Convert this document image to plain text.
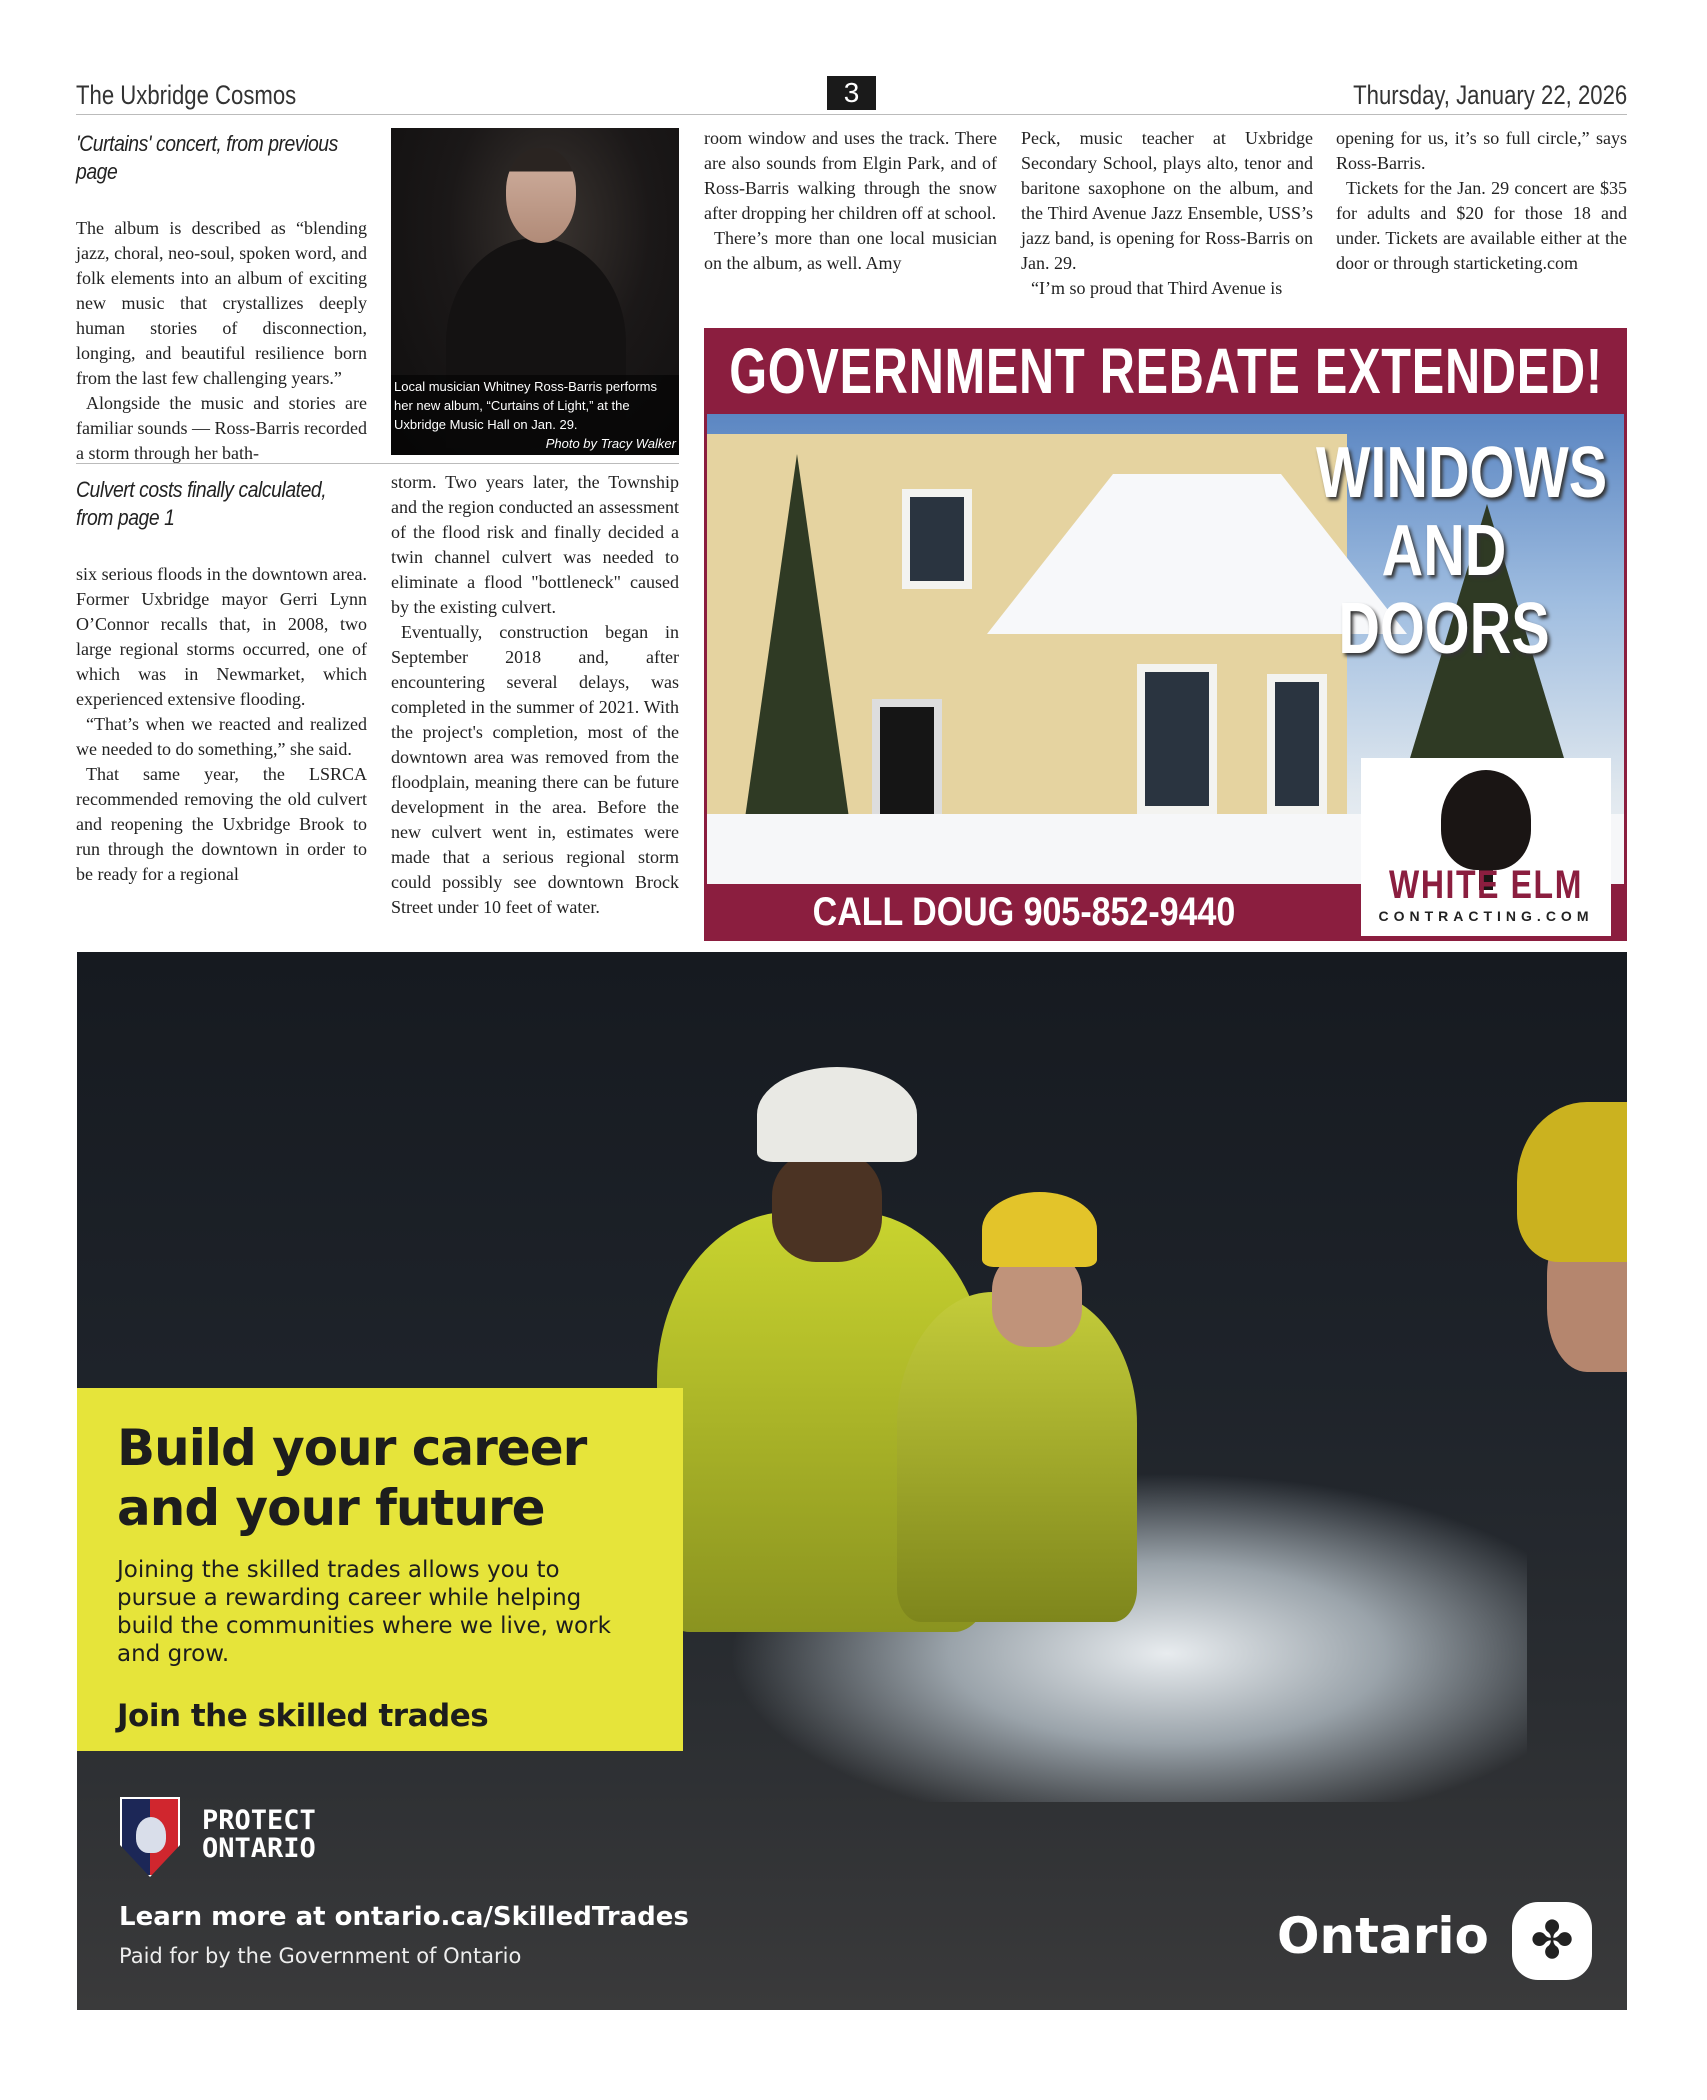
The Uxbridge Cosmos	3	Thursday, January 22, 2026
'Curtains' concert, from previous page

The album is described as “blending jazz, choral, neo-soul, spoken word, and folk elements into an album of exciting new music that crystallizes deeply human stories of disconnection, longing, and beautiful resilience born from the last few challenging years.”

Alongside the music and stories are familiar sounds — Ross-Barris recorded a storm through her bath-

Local musician Whitney Ross-Barris performs her new album, “Curtains of Light,” at the Uxbridge Music Hall on Jan. 29.
Photo by Tracy Walker

room window and uses the track. There are also sounds from Elgin Park, and of Ross-Barris walking through the snow after dropping her children off at school.

There’s more than one local musician on the album, as well. Amy

Peck, music teacher at Uxbridge Secondary School, plays alto, tenor and baritone saxophone on the album, and the Third Avenue Jazz Ensemble, USS’s jazz band, is opening for Ross-Barris on Jan. 29.

“I’m so proud that Third Avenue is

opening for us, it’s so full circle,” says Ross-Barris.

Tickets for the Jan. 29 concert are $35 for adults and $20 for those 18 and under. Tickets are available either at the door or through starticketing.com

Culvert costs finally calculated, from page 1

six serious floods in the downtown area. Former Uxbridge mayor Gerri Lynn O’Connor recalls that, in 2008, two large regional storms occurred, one of which was in Newmarket, which experienced extensive flooding.

“That’s when we reacted and realized we needed to do something,” she said.

That same year, the LSRCA recommended removing the old culvert and reopening the Uxbridge Brook to run through the downtown in order to be ready for a regional

storm. Two years later, the Township and the region conducted an assessment of the flood risk and finally decided a twin channel culvert was needed to eliminate a flood "bottleneck" caused by the existing culvert.

Eventually, construction began in September 2018 and, after encountering several delays, was completed in the summer of 2021. With the project's completion, most of the downtown area was removed from the floodplain, meaning there can be future development in the area. Before the new culvert went in, estimates were made that a serious regional storm could possibly see downtown Brock Street under 10 feet of water.

WINDOWS
AND
DOORS
GOVERNMENT REBATE EXTENDED!
CALL DOUG 905-852-9440
WHITE ELM
CONTRACTING.COM
Build your career and your future

Joining the skilled trades allows you to pursue a rewarding career while helping build the communities where we live, work and grow.

Join the skilled trades
PROTECT
ONTARIO
Learn more at ontario.ca/SkilledTrades
Paid for by the Government of Ontario	Ontario ✤
